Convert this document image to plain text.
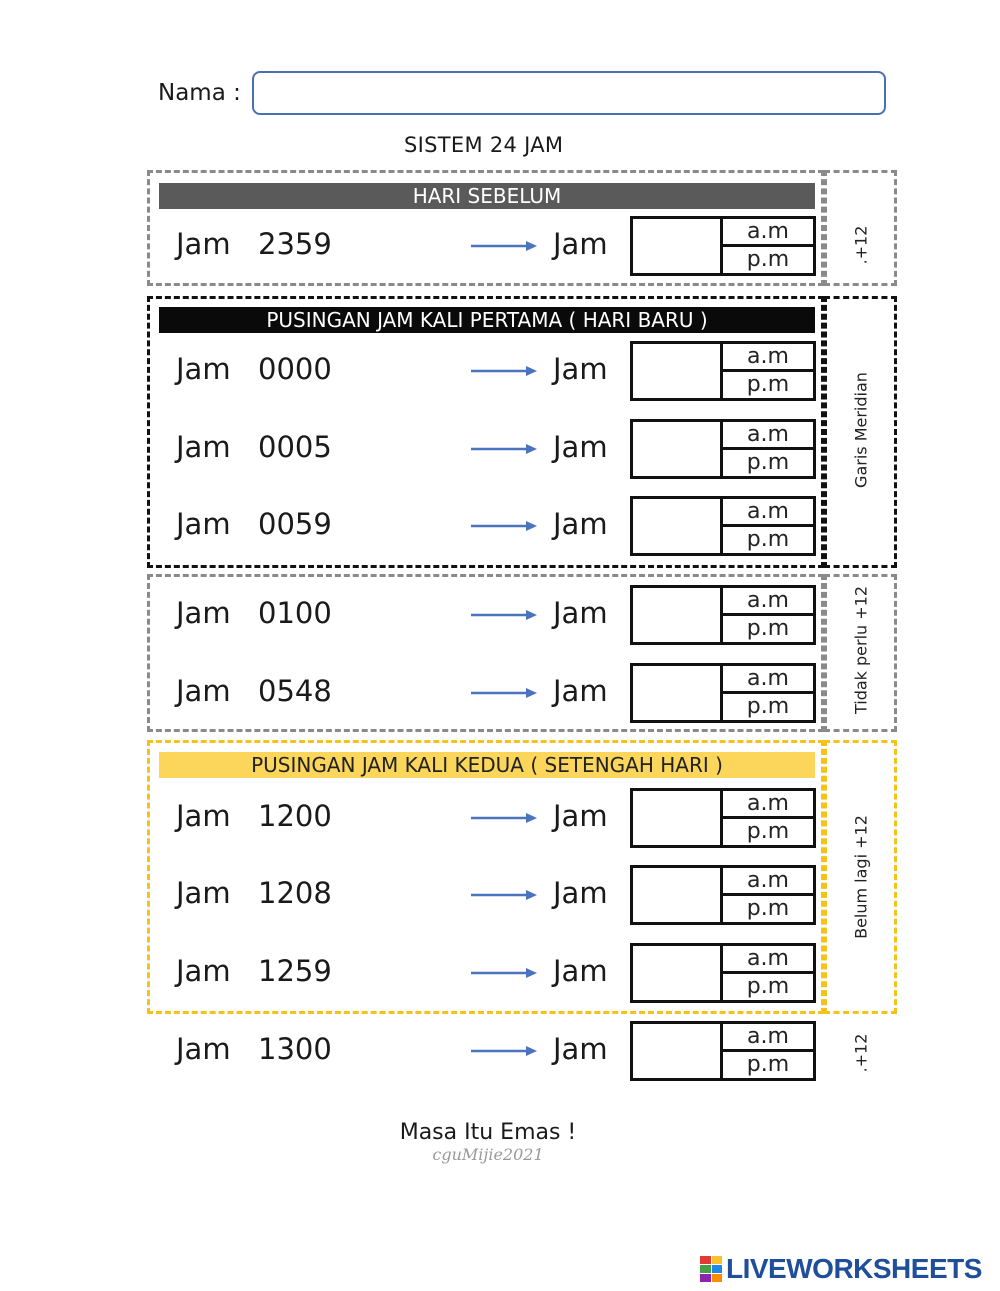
Nama :
SISTEM 24 JAM
HARI SEBELUM
PUSINGAN JAM KALI PERTAMA ( HARI BARU )
PUSINGAN JAM KALI KEDUA ( SETENGAH HARI )
.+12
Garis Meridian
Tidak perlu +12
Belum lagi +12
.+12
Jam 2359	Jam	a.m
p.m
Jam 0000	Jam	a.m
p.m
Jam 0005	Jam	a.m
p.m
Jam 0059	Jam	a.m
p.m
Jam 0100	Jam	a.m
p.m
Jam 0548	Jam	a.m
p.m
Jam 1200	Jam	a.m
p.m
Jam 1208	Jam	a.m
p.m
Jam 1259	Jam	a.m
p.m
Jam 1300	Jam	a.m
p.m
Masa Itu Emas !
cguMijie2021
LIVEWORKSHEETS
